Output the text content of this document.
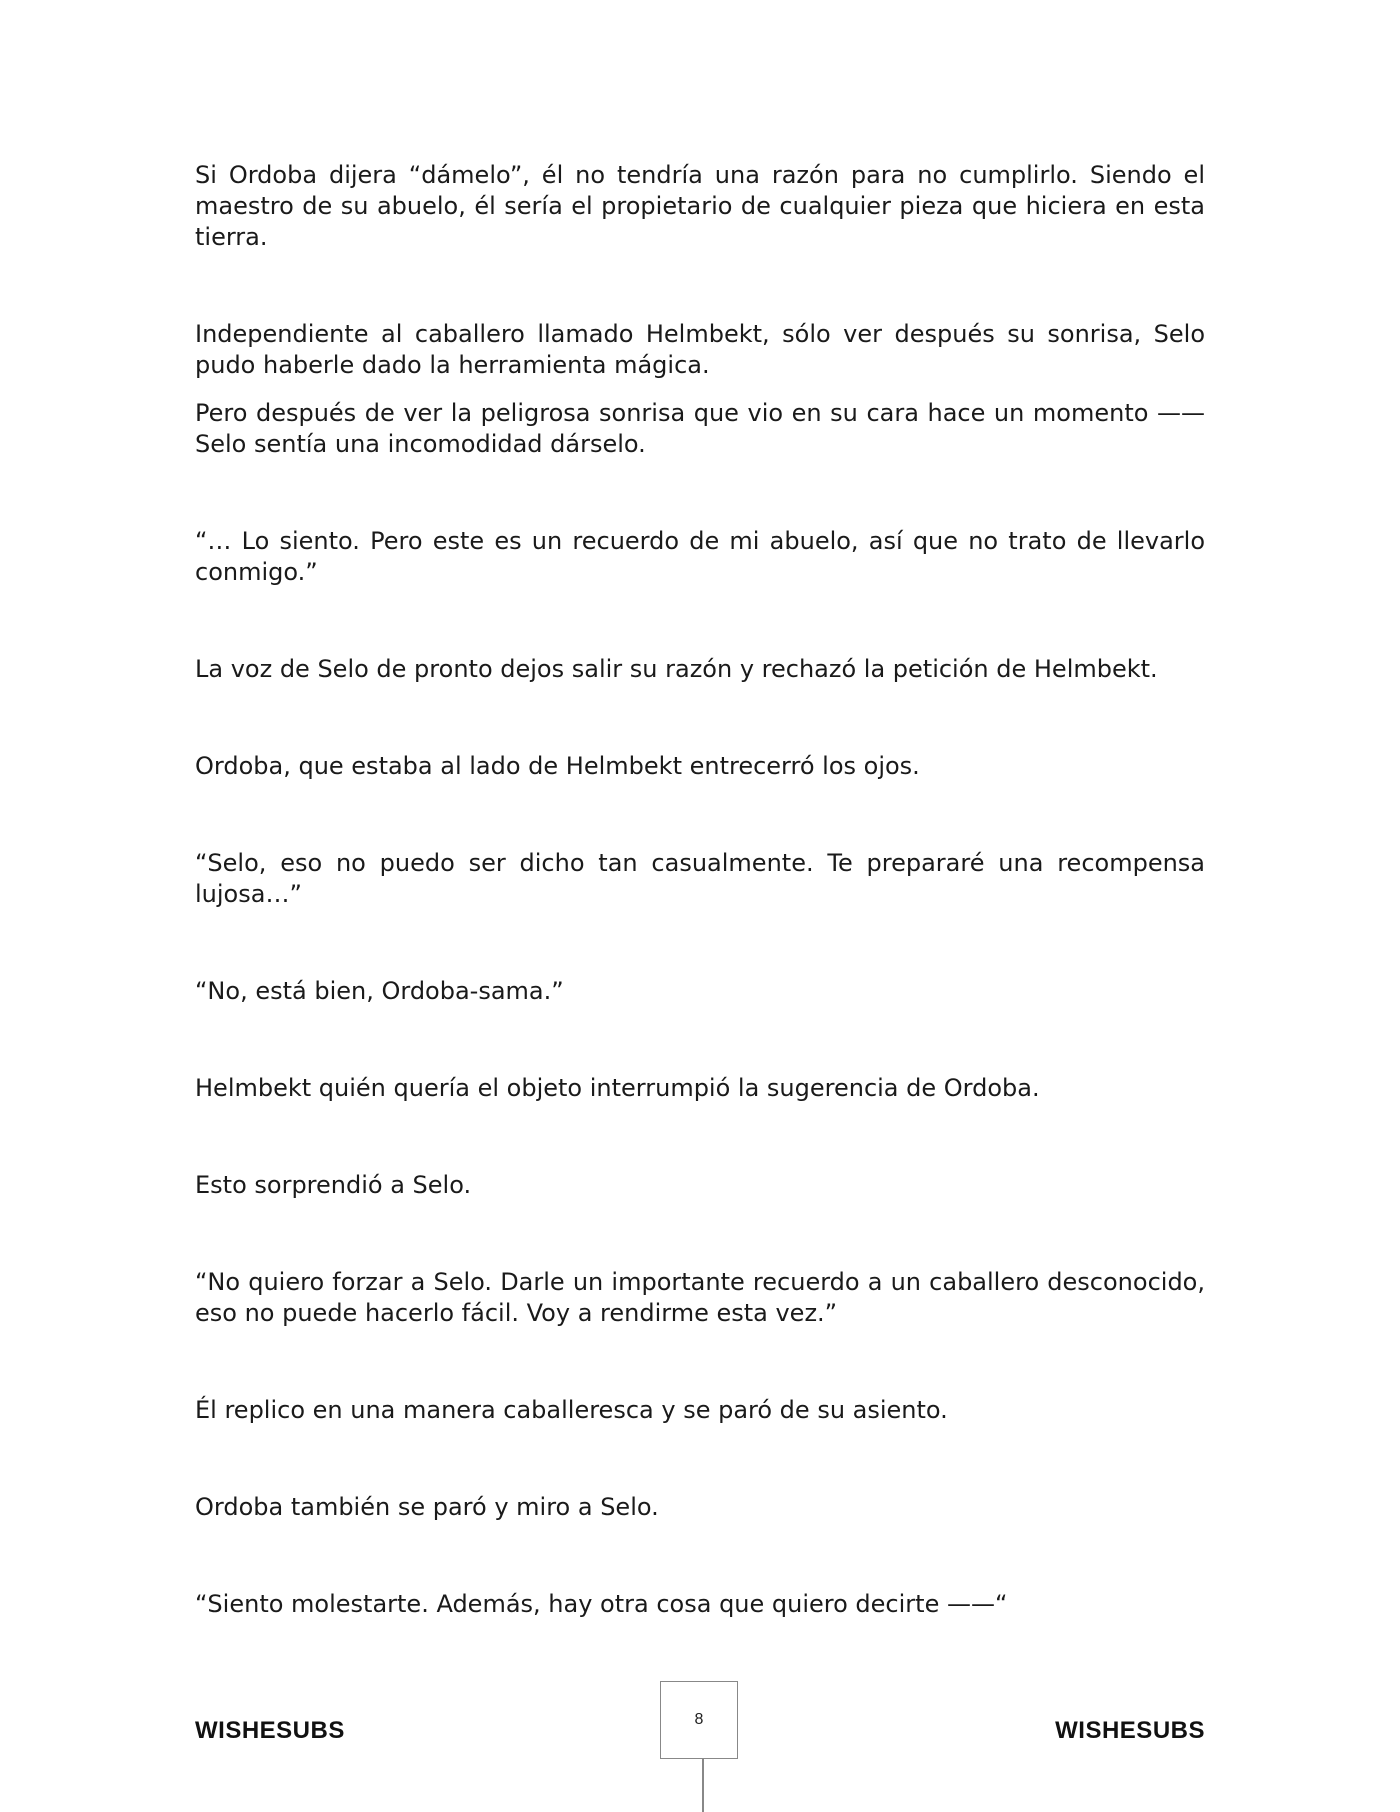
Si Ordoba dijera “dámelo”, él no tendría una razón para no cumplirlo. Siendo el maestro de su abuelo, él sería el propietario de cualquier pieza que hiciera en esta tierra.

Independiente al caballero llamado Helmbekt, sólo ver después su sonrisa, Selo pudo haberle dado la herramienta mágica.

Pero después de ver la peligrosa sonrisa que vio en su cara hace un momento —— Selo sentía una incomodidad dárselo.

“… Lo siento. Pero este es un recuerdo de mi abuelo, así que no trato de llevarlo conmigo.”

La voz de Selo de pronto dejos salir su razón y rechazó la petición de Helmbekt.

Ordoba, que estaba al lado de Helmbekt entrecerró los ojos.

“Selo, eso no puedo ser dicho tan casualmente. Te prepararé una recompensa lujosa…”

“No, está bien, Ordoba-sama.”

Helmbekt quién quería el objeto interrumpió la sugerencia de Ordoba.

Esto sorprendió a Selo.

“No quiero forzar a Selo. Darle un importante recuerdo a un caballero desconocido, eso no puede hacerlo fácil. Voy a rendirme esta vez.”

Él replico en una manera caballeresca y se paró de su asiento.

Ordoba también se paró y miro a Selo.

“Siento molestarte. Además, hay otra cosa que quiero decirte ——“

WISHESUBS	8	WISHESUBS
